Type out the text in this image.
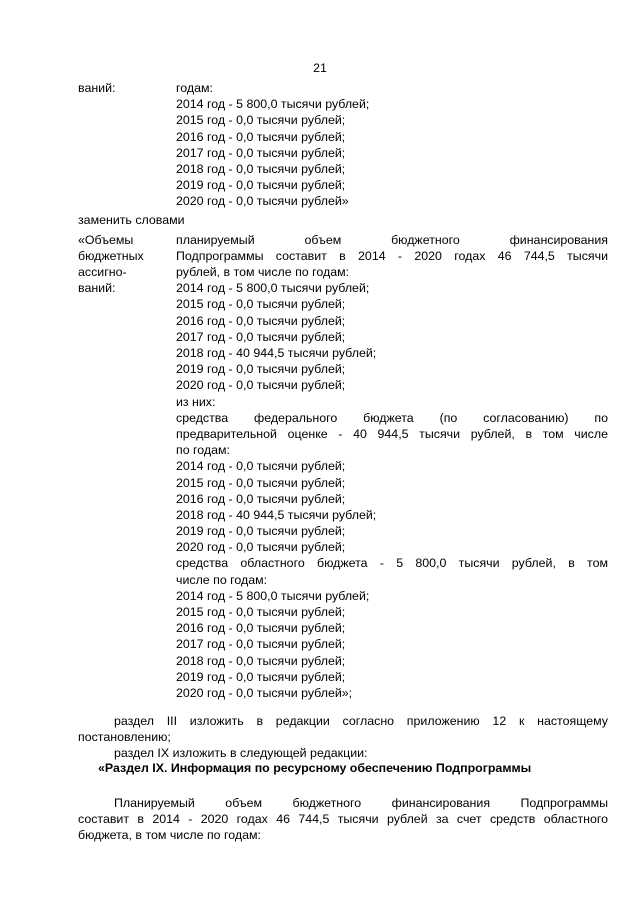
21
ваний:	годам:
2014 год - 5 800,0 тысячи рублей;
2015 год - 0,0 тысячи рублей;
2016 год - 0,0 тысячи рублей;
2017 год - 0,0 тысячи рублей;
2018 год - 0,0 тысячи рублей;
2019 год - 0,0 тысячи рублей;
2020 год - 0,0 тысячи рублей»
заменить словами
«Объемы
бюджетных
ассигно-
ваний:
планируемый объем бюджетного финансирования
Подпрограммы составит в 2014 - 2020 годах 46 744,5 тысячи
рублей, в том числе по годам:
2014 год - 5 800,0 тысячи рублей;
2015 год - 0,0 тысячи рублей;
2016 год - 0,0 тысячи рублей;
2017 год - 0,0 тысячи рублей;
2018 год - 40 944,5 тысячи рублей;
2019 год - 0,0 тысячи рублей;
2020 год - 0,0 тысячи рублей;
из них:
средства федерального бюджета (по согласованию) по
предварительной оценке - 40 944,5 тысячи рублей, в том числе
по годам:
2014 год - 0,0 тысячи рублей;
2015 год - 0,0 тысячи рублей;
2016 год - 0,0 тысячи рублей;
2018 год - 40 944,5 тысячи рублей;
2019 год - 0,0 тысячи рублей;
2020 год - 0,0 тысячи рублей;
средства областного бюджета - 5 800,0 тысячи рублей, в том
числе по годам:
2014 год - 5 800,0 тысячи рублей;
2015 год - 0,0 тысячи рублей;
2016 год - 0,0 тысячи рублей;
2017 год - 0,0 тысячи рублей;
2018 год - 0,0 тысячи рублей;
2019 год - 0,0 тысячи рублей;
2020 год - 0,0 тысячи рублей»;
раздел III изложить в редакции согласно приложению 12 к настоящему
постановлению;
раздел IX изложить в следующей редакции:
«Раздел IX. Информация по ресурсному обеспечению Подпрограммы
Планируемый объем бюджетного финансирования Подпрограммы
составит в 2014 - 2020 годах 46 744,5 тысячи рублей за счет средств областного
бюджета, в том числе по годам:
